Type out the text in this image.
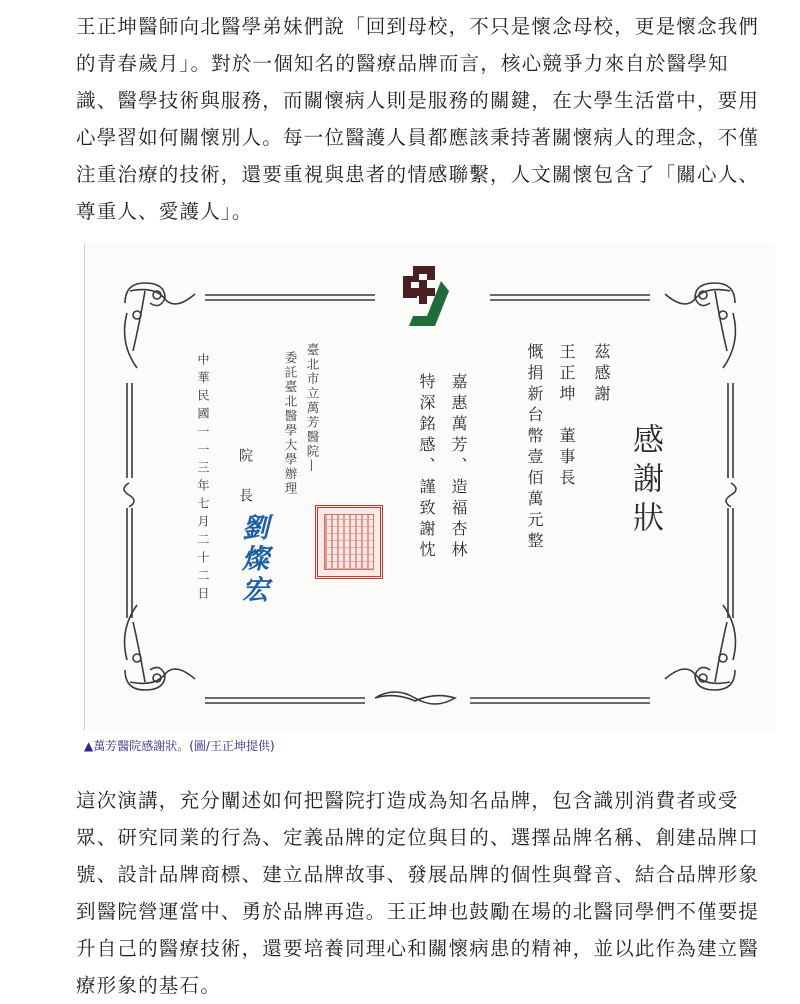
王正坤醫師向北醫學弟妹們說「回到母校，不只是懷念母校，更是懷念我們的青春歲月」。對於一個知名的醫療品牌而言，核心競爭力來自於醫學知識、醫學技術與服務，而關懷病人則是服務的關鍵，在大學生活當中，要用心學習如何關懷別人。每一位醫護人員都應該秉持著關懷病人的理念，不僅注重治療的技術，還要重視與患者的情感聯繫，人文關懷包含了「關心人、尊重人、愛護人」。

感謝狀
茲感謝
王正坤　董事長
慨捐新台幣壹佰萬元整
嘉惠萬芳、造福杏林
特深銘感、謹致謝忱
臺北市立萬芳醫院—
委託臺北醫學大學辦理
院　長
劉燦宏
中華民國一一三年七月二十二日

▲萬芳醫院感謝狀。(圖/王正坤提供)

這次演講，充分闡述如何把醫院打造成為知名品牌，包含識別消費者或受眾、研究同業的行為、定義品牌的定位與目的、選擇品牌名稱、創建品牌口號、設計品牌商標、建立品牌故事、發展品牌的個性與聲音、結合品牌形象到醫院營運當中、勇於品牌再造。王正坤也鼓勵在場的北醫同學們不僅要提升自己的醫療技術，還要培養同理心和關懷病患的精神，並以此作為建立醫療形象的基石。
